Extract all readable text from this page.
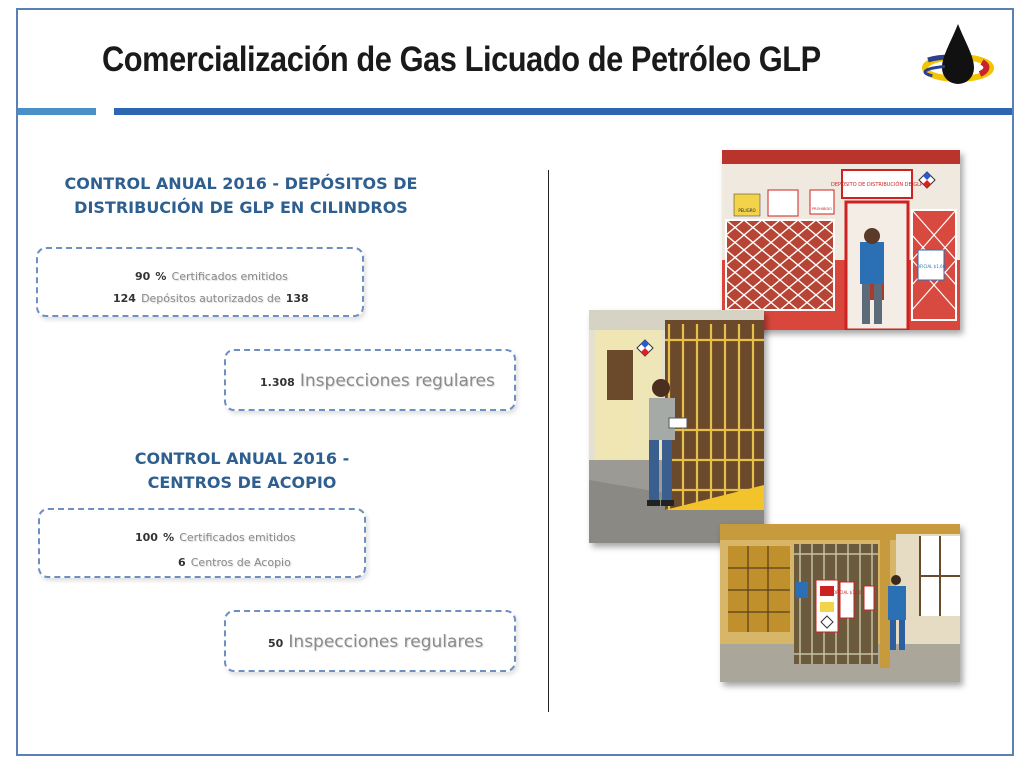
Comercialización de Gas Licuado de Petróleo GLP
CONTROL ANUAL 2016 - DEPÓSITOS DE
DISTRIBUCIÓN DE GLP EN CILINDROS
90 % Certificados emitidos
124 Depósitos autorizados de 138
1.308 Inspecciones regulares
CONTROL ANUAL 2016 -
CENTROS DE ACOPIO
100 % Certificados emitidos
6 Centros de Acopio
50 Inspecciones regulares
DEPÓSITO DE DISTRIBUCIÓN DE GLP
PELIGRO	PROHIBIDO
OFICIAL $1,60
OFICIAL $1,60
